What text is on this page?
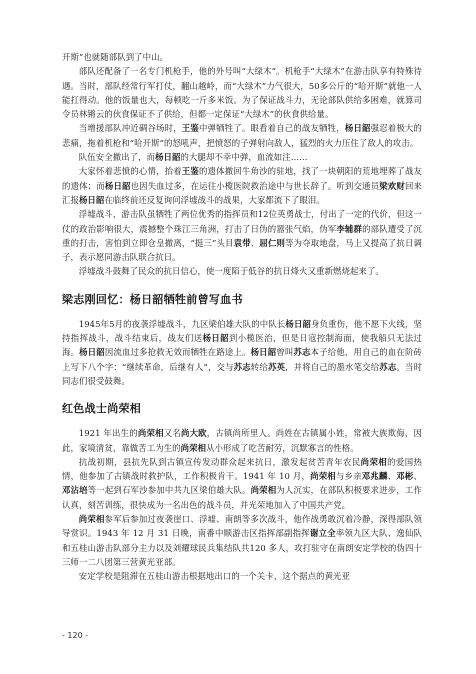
开斯”也就随部队到了中山。

部队还配备了一名专门机枪手，他的外号叫“大绿木”。机枪手“大绿木”在游击队享有特殊待遇。当时，部队经常行军打仗，翻山越岭，而“大绿木”力气很大，50多公斤的“哈开斯”就他一人能扛得动。他的饭量也大，每顿吃一斤多米饭。为了保证战斗力，无论部队供给多困难，就算司令员林锵云的伙食保证不了供给，但都一定保证“大绿木”的伙食供给量。

当增援部队冲近碉谷场时，王鉴中弹牺牲了。眼看着自己的战友牺牲，杨日韶强忍着极大的悲痛，拖着机枪和“哈开斯”的怒吼声，把愤怒的子弹射向敌人，猛烈的火力压住了敌人的攻击。

队伍安全撤出了，而杨日韶的大腿却不幸中弹，血流如注……

大家怀着悲愤的心情，抬着王鉴的遗体撤回牛角沙的驻地，找了一块朝阳的荒地埋葬了战友的遗体；而杨日韶也因失血过多，在运往小榄医院救治途中与世长辞了。听到交通员梁欢财回来汇报杨日韶在临终前还反复询问浮墟战斗的战果，大家都流下了眼泪。

浮墟战斗，游击队虽牺牲了两位优秀的指挥员和12位英勇战士，付出了一定的代价，但这一仗的政治影响很大，震撼整个珠江三角洲，打击了日伪的嚣张气焰，伪军李辅群的部队遭受了沉重的打击，害怕到立即仓皇撤离，“挺三”头目袁带、屈仁则等为夺取地盘，马上又提高了抗日调子，表示愿同游击队联合抗日。

浮墟战斗鼓舞了民众的抗日信心，使一度陷于低谷的抗日烽火又重新燃烧起来了。

梁志刚回忆：杨日韶牺牲前曾写血书

1945年5月的夜袭浮墟战斗，九区梁伯雄大队的中队长杨日韶身负重伤，他不愿下火线，坚持指挥战斗，战斗结束后，战友们送杨日韶到小榄医治，但是日寇控制海面，使我船只无法过海。杨日韶因流血过多抢救无效而牺牲在路途上。杨日韶曾叫苏志本子给他，用自己的血在阶砖上写下八个字：“继续革命，后继有人”，交与苏志转给苏英，并将自己的墨水笔交给苏志。当时同志们很受鼓舞。

红色战士尚荣相

1921 年出生的尚荣相又名尚大欧，古镇尚所里人。尚姓在古镇属小姓，常被大族欺侮，因此，家境清贫，靠做苦工为生的尚荣相从小形成了吃苦耐劳，沉默寡言的性格。

抗战初期，县抗先队到古镇宣传发动群众起来抗日，激发起贫苦青年农民尚荣相的爱国热情，他参加了古镇战时救护队，工作积极肯干。1941 年 10 月，尚荣相与乡亲邓兆麟、邓彬、邓沾培等一起到石军沙参加中共九区梁伯雄大队。尚荣相为人沉实，在部队积极要求进步，工作认真，刻苦训练，很快成为一名出色的战斗员，并光荣地加入了中国共产党。

尚荣相参军后参加过夜袭崖口、浮墟、南朗等多次战斗，他作战勇敢沉着冷静，深得部队领导赏识。1943 年 12 月 31 日晚，南番中顺游击区指挥部副指挥谢立全率领九区大队、逸仙队和五桂山游击队部分主力以及刘耀球民兵集结队共120 多人，攻打驻守在南朗安定学校的伪四十三师一二八团第三营黄光亚部。

安定学校是阻滞在五桂山游击根据地出口的一个关卡，这个据点的黄光亚

- 120 -
